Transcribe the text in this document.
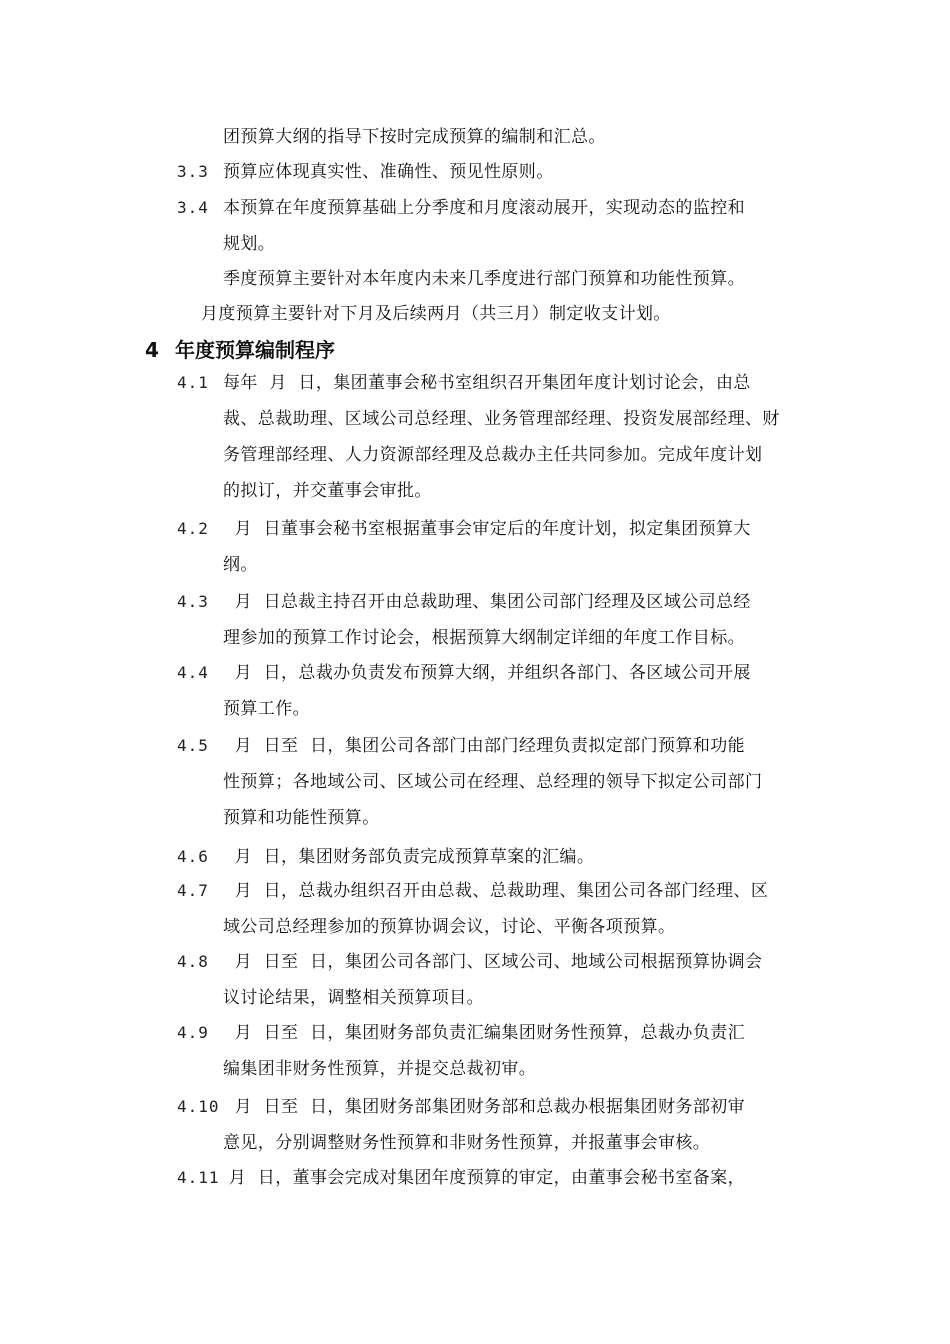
团预算大纲的指导下按时完成预算的编制和汇总。
3.3 预算应体现真实性、准确性、预见性原则。
3.4 本预算在年度预算基础上分季度和月度滚动展开，实现动态的监控和
规划。
季度预算主要针对本年度内未来几季度进行部门预算和功能性预算。
月度预算主要针对下月及后续两月（共三月）制定收支计划。
4 年度预算编制程序
4.1 每年  月  日，集团董事会秘书室组织召开集团年度计划讨论会，由总
裁、总裁助理、区域公司总经理、业务管理部经理、投资发展部经理、财
务管理部经理、人力资源部经理及总裁办主任共同参加。完成年度计划
的拟订，并交董事会审批。
4.2 月  日董事会秘书室根据董事会审定后的年度计划，拟定集团预算大
纲。
4.3 月  日总裁主持召开由总裁助理、集团公司部门经理及区域公司总经
理参加的预算工作讨论会，根据预算大纲制定详细的年度工作目标。
4.4 月  日，总裁办负责发布预算大纲，并组织各部门、各区域公司开展
预算工作。
4.5 月  日至  日，集团公司各部门由部门经理负责拟定部门预算和功能
性预算；各地域公司、区域公司在经理、总经理的领导下拟定公司部门
预算和功能性预算。
4.6 月  日，集团财务部负责完成预算草案的汇编。
4.7 月  日，总裁办组织召开由总裁、总裁助理、集团公司各部门经理、区
域公司总经理参加的预算协调会议，讨论、平衡各项预算。
4.8 月  日至  日，集团公司各部门、区域公司、地域公司根据预算协调会
议讨论结果，调整相关预算项目。
4.9 月  日至  日，集团财务部负责汇编集团财务性预算，总裁办负责汇
编集团非财务性预算，并提交总裁初审。
4.10 月  日至  日，集团财务部集团财务部和总裁办根据集团财务部初审
意见，分别调整财务性预算和非财务性预算，并报董事会审核。
4.11 月  日，董事会完成对集团年度预算的审定，由董事会秘书室备案，
